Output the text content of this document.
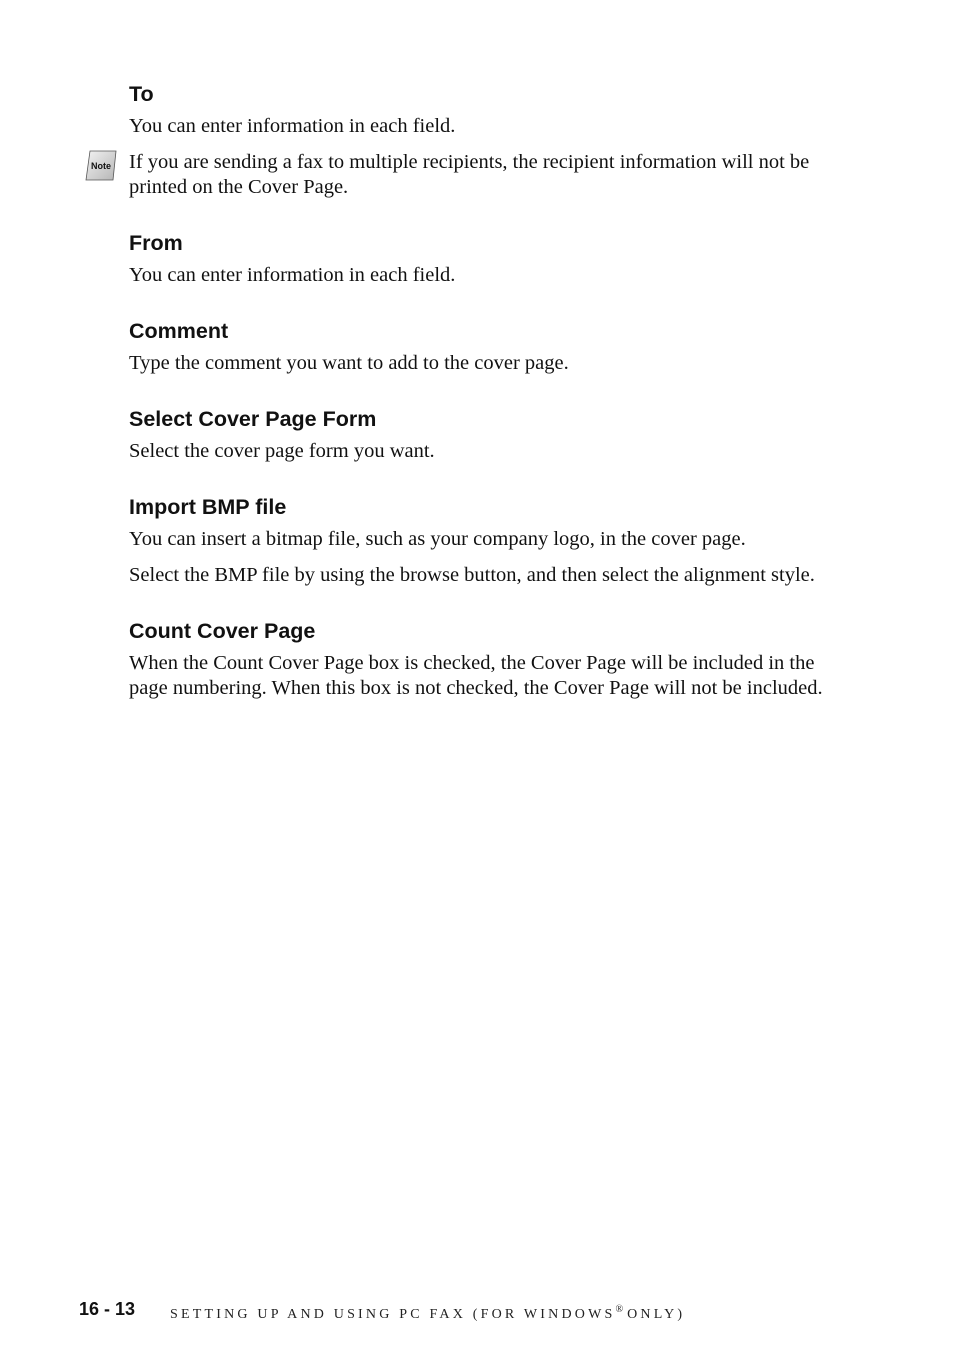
To

You can enter information in each field.

Note If you are sending a fax to multiple recipients, the recipient information will not be printed on the Cover Page.

From

You can enter information in each field.

Comment

Type the comment you want to add to the cover page.

Select Cover Page Form

Select the cover page form you want.

Import BMP file

You can insert a bitmap file, such as your company logo, in the cover page.

Select the BMP file by using the browse button, and then select the alignment style.

Count Cover Page

When the Count Cover Page box is checked, the Cover Page will be included in the page numbering. When this box is not checked, the Cover Page will not be included.

16 - 13 SETTING UP AND USING PC FAX (FOR WINDOWS® ONLY)
